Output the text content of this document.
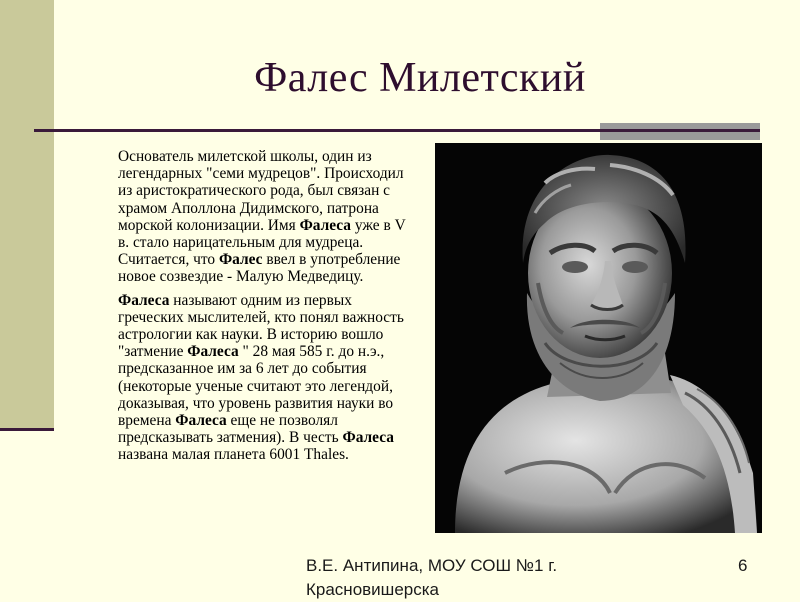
Фалес Милетский

Основатель милетской школы, один из легендарных "семи мудрецов". Происходил из аристократического рода, был связан с храмом Аполлона Дидимского, патрона морской колонизации. Имя Фалеса уже в V в. стало нарицательным для мудреца. Считается, что Фалес ввел в употребление новое созвездие - Малую Медведицу.

Фалеса называют одним из первых греческих мыслителей, кто понял важность астрологии как науки. В историю вошло "затмение Фалеса " 28 мая 585 г. до н.э., предсказанное им за 6 лет до события (некоторые ученые считают это легендой, доказывая, что уровень развития науки во времена Фалеса еще не позволял предсказывать затмения). В честь Фалеса названа малая планета 6001 Thales.

В.Е. Антипина, МОУ СОШ №1 г. Красновишерска
6
